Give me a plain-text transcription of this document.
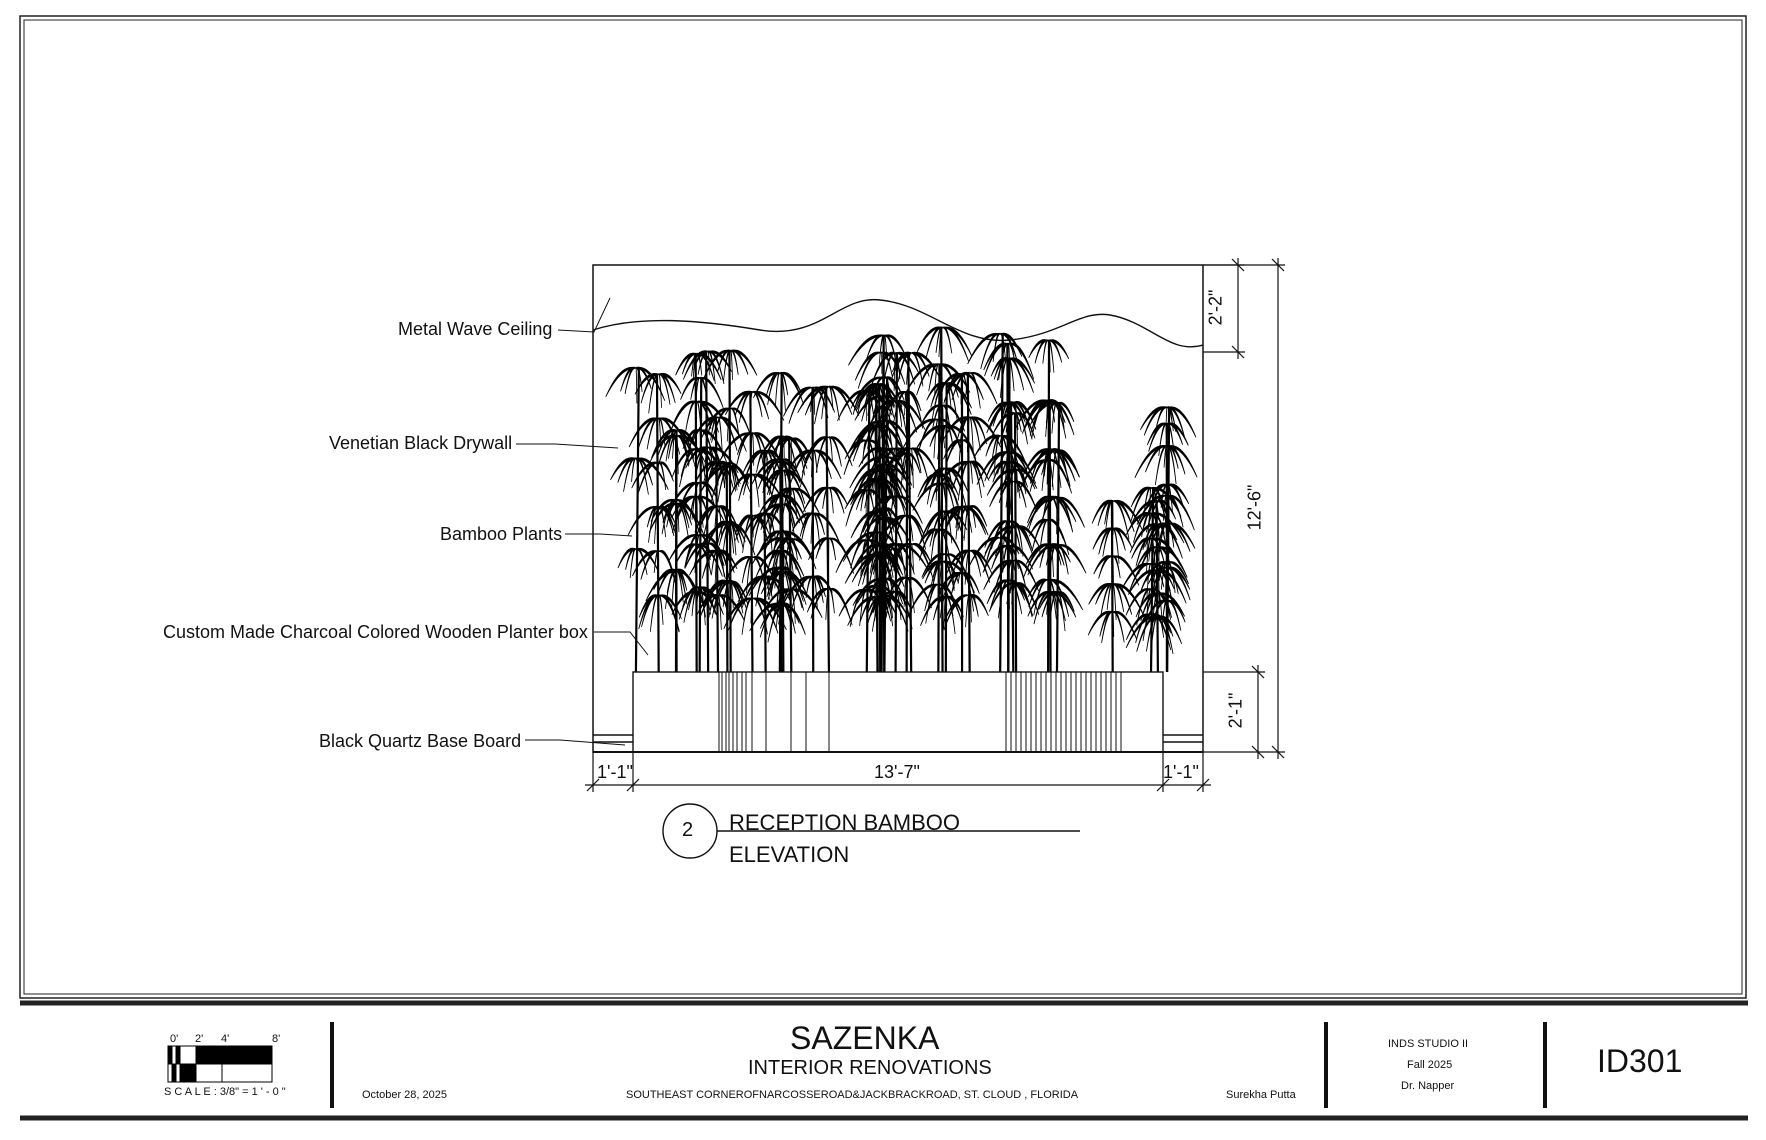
Metal Wave Ceiling
Venetian Black Drywall
Bamboo Plants
Custom Made Charcoal Colored Wooden Planter box
Black Quartz Base Board
1'-1"	13'-7"	1'-1"
2'-2"
12'-6"
2'-1"
2 RECEPTION BAMBOO
ELEVATION
0' 2' 4'	8'
S C A L E : 3/8" = 1 ' - 0 "	October 28, 2025
SAZENKA
INTERIOR RENOVATIONS
SOUTHEAST CORNEROFNARCOSSEROAD&JACKBRACKROAD, ST. CLOUD , FLORIDA	Surekha Putta
INDS STUDIO II
Fall 2025
Dr. Napper
ID301
